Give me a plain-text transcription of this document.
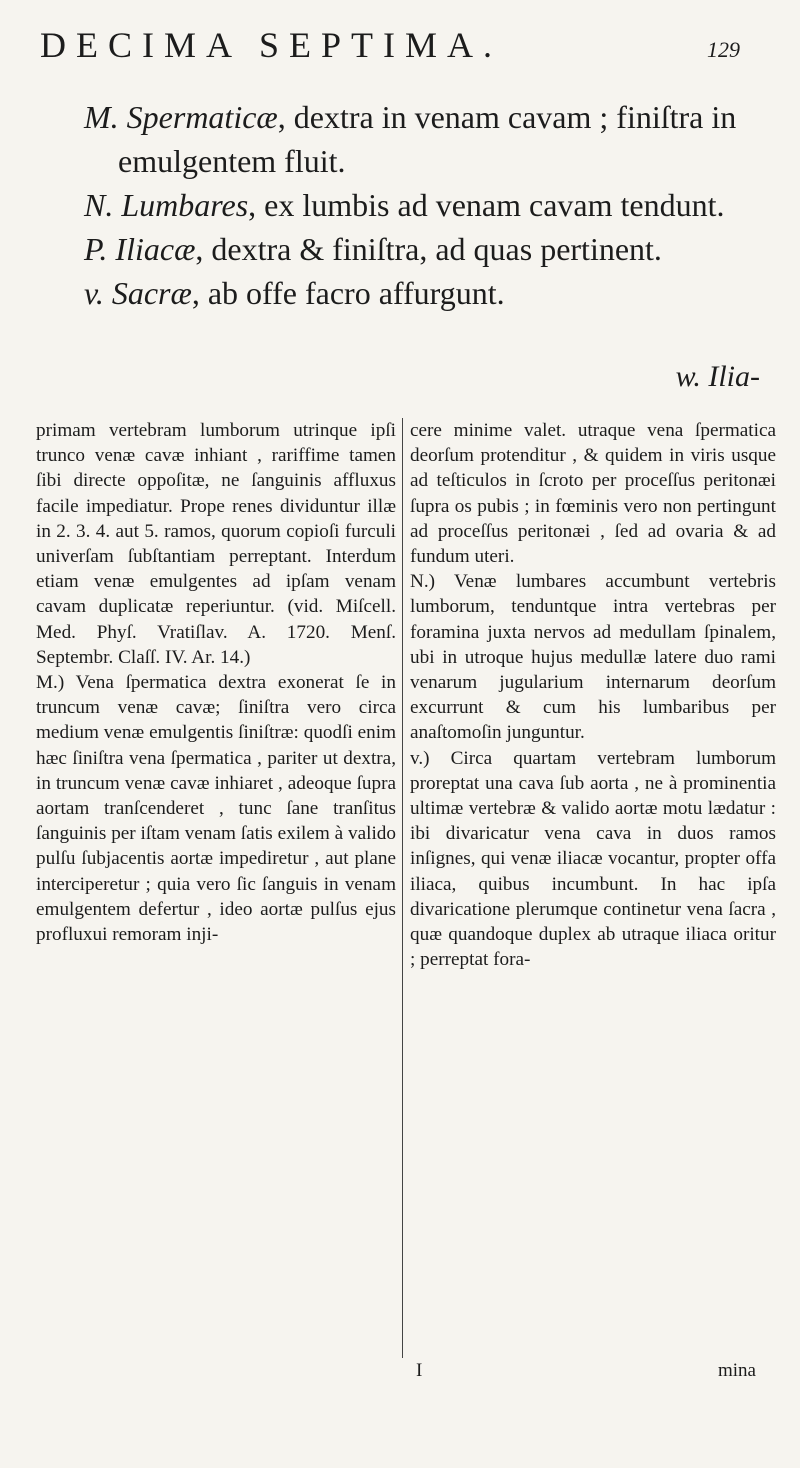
DECIMA SEPTIMA.	129

M. Spermaticæ, dextra in venam cavam ; finiſtra in emulgentem fluit.

N. Lumbares, ex lumbis ad venam cavam tendunt.

P. Iliacæ, dextra & finiſtra, ad quas pertinent.

v. Sacræ, ab offe facro affurgunt.

w. Ilia-

primam vertebram lumborum utrinque ipſi trunco venæ cavæ inhiant , rariffime tamen ſibi directe oppoſitæ, ne ſanguinis affluxus facile impediatur. Prope renes dividuntur illæ in 2. 3. 4. aut 5. ramos, quorum copioſi furculi univerſam ſubſtantiam perreptant. Interdum etiam venæ emulgentes ad ipſam venam cavam duplicatæ reperiuntur. (vid. Miſcell. Med. Phyſ. Vratiſlav. A. 1720. Menſ. Septembr. Claſſ. IV. Ar. 14.)

M.) Vena ſpermatica dextra exonerat ſe in truncum venæ cavæ; ſiniſtra vero circa medium venæ emulgentis ſiniſtræ: quodſi enim hæc ſiniſtra vena ſpermatica , pariter ut dextra, in truncum venæ cavæ inhiaret , adeoque ſupra aortam tranſcenderet , tunc ſane tranſitus ſanguinis per iſtam venam ſatis exilem à valido pulſu ſubjacentis aortæ impediretur , aut plane interciperetur ; quia vero ſic ſanguis in venam emulgentem defertur , ideo aortæ pulſus ejus profluxui remoram inji-

cere minime valet. utraque vena ſpermatica deorſum protenditur , & quidem in viris usque ad teſticulos in ſcroto per proceſſus peritonæi ſupra os pubis ; in fœminis vero non pertingunt ad proceſſus peritonæi , ſed ad ovaria & ad fundum uteri.

N.) Venæ lumbares accumbunt vertebris lumborum, tenduntque intra vertebras per foramina juxta nervos ad medullam ſpinalem, ubi in utroque hujus medullæ latere duo rami venarum jugularium internarum deorſum excurrunt & cum his lumbaribus per anaſtomoſin junguntur.

v.) Circa quartam vertebram lumborum proreptat una cava ſub aorta , ne à prominentia ultimæ vertebræ & valido aortæ motu lædatur : ibi divaricatur vena cava in duos ramos inſignes, qui venæ iliacæ vocantur, propter offa iliaca, quibus incumbunt. In hac ipſa divaricatione plerumque continetur vena ſacra , quæ quandoque duplex ab utraque iliaca oritur ; perreptat fora-

I	mina
